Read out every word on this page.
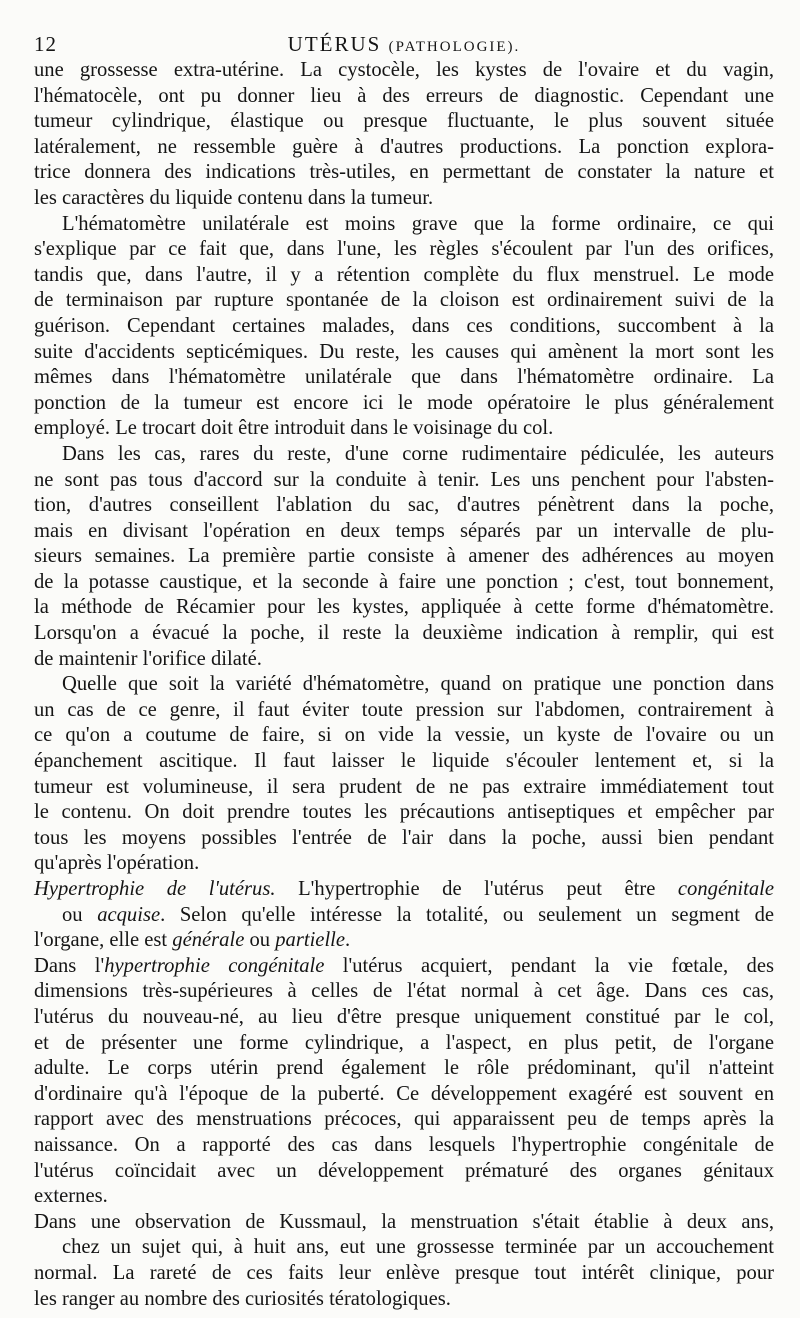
12	UTÉRUS (PATHOLOGIE).
une grossesse extra-utérine. La cystocèle, les kystes de l'ovaire et du vagin,
l'hématocèle, ont pu donner lieu à des erreurs de diagnostic. Cependant une
tumeur cylindrique, élastique ou presque fluctuante, le plus souvent située
latéralement, ne ressemble guère à d'autres productions. La ponction explora-
trice donnera des indications très-utiles, en permettant de constater la nature et
les caractères du liquide contenu dans la tumeur.
L'hématomètre unilatérale est moins grave que la forme ordinaire, ce qui
s'explique par ce fait que, dans l'une, les règles s'écoulent par l'un des orifices,
tandis que, dans l'autre, il y a rétention complète du flux menstruel. Le mode
de terminaison par rupture spontanée de la cloison est ordinairement suivi de la
guérison. Cependant certaines malades, dans ces conditions, succombent à la
suite d'accidents septicémiques. Du reste, les causes qui amènent la mort sont les
mêmes dans l'hématomètre unilatérale que dans l'hématomètre ordinaire. La
ponction de la tumeur est encore ici le mode opératoire le plus généralement
employé. Le trocart doit être introduit dans le voisinage du col.
Dans les cas, rares du reste, d'une corne rudimentaire pédiculée, les auteurs
ne sont pas tous d'accord sur la conduite à tenir. Les uns penchent pour l'absten-
tion, d'autres conseillent l'ablation du sac, d'autres pénètrent dans la poche,
mais en divisant l'opération en deux temps séparés par un intervalle de plu-
sieurs semaines. La première partie consiste à amener des adhérences au moyen
de la potasse caustique, et la seconde à faire une ponction ; c'est, tout bonnement,
la méthode de Récamier pour les kystes, appliquée à cette forme d'hématomètre.
Lorsqu'on a évacué la poche, il reste la deuxième indication à remplir, qui est
de maintenir l'orifice dilaté.
Quelle que soit la variété d'hématomètre, quand on pratique une ponction dans
un cas de ce genre, il faut éviter toute pression sur l'abdomen, contrairement à
ce qu'on a coutume de faire, si on vide la vessie, un kyste de l'ovaire ou un
épanchement ascitique. Il faut laisser le liquide s'écouler lentement et, si la
tumeur est volumineuse, il sera prudent de ne pas extraire immédiatement tout
le contenu. On doit prendre toutes les précautions antiseptiques et empêcher par
tous les moyens possibles l'entrée de l'air dans la poche, aussi bien pendant
qu'après l'opération.
Hypertrophie de l'utérus. L'hypertrophie de l'utérus peut être congénitale
ou acquise. Selon qu'elle intéresse la totalité, ou seulement un segment de
l'organe, elle est générale ou partielle.
Dans l'hypertrophie congénitale l'utérus acquiert, pendant la vie fœtale, des
dimensions très-supérieures à celles de l'état normal à cet âge. Dans ces cas,
l'utérus du nouveau-né, au lieu d'être presque uniquement constitué par le col,
et de présenter une forme cylindrique, a l'aspect, en plus petit, de l'organe
adulte. Le corps utérin prend également le rôle prédominant, qu'il n'atteint
d'ordinaire qu'à l'époque de la puberté. Ce développement exagéré est souvent en
rapport avec des menstruations précoces, qui apparaissent peu de temps après la
naissance. On a rapporté des cas dans lesquels l'hypertrophie congénitale de
l'utérus coïncidait avec un développement prématuré des organes génitaux
externes.
Dans une observation de Kussmaul, la menstruation s'était établie à deux ans,
chez un sujet qui, à huit ans, eut une grossesse terminée par un accouchement
normal. La rareté de ces faits leur enlève presque tout intérêt clinique, pour
les ranger au nombre des curiosités tératologiques.
